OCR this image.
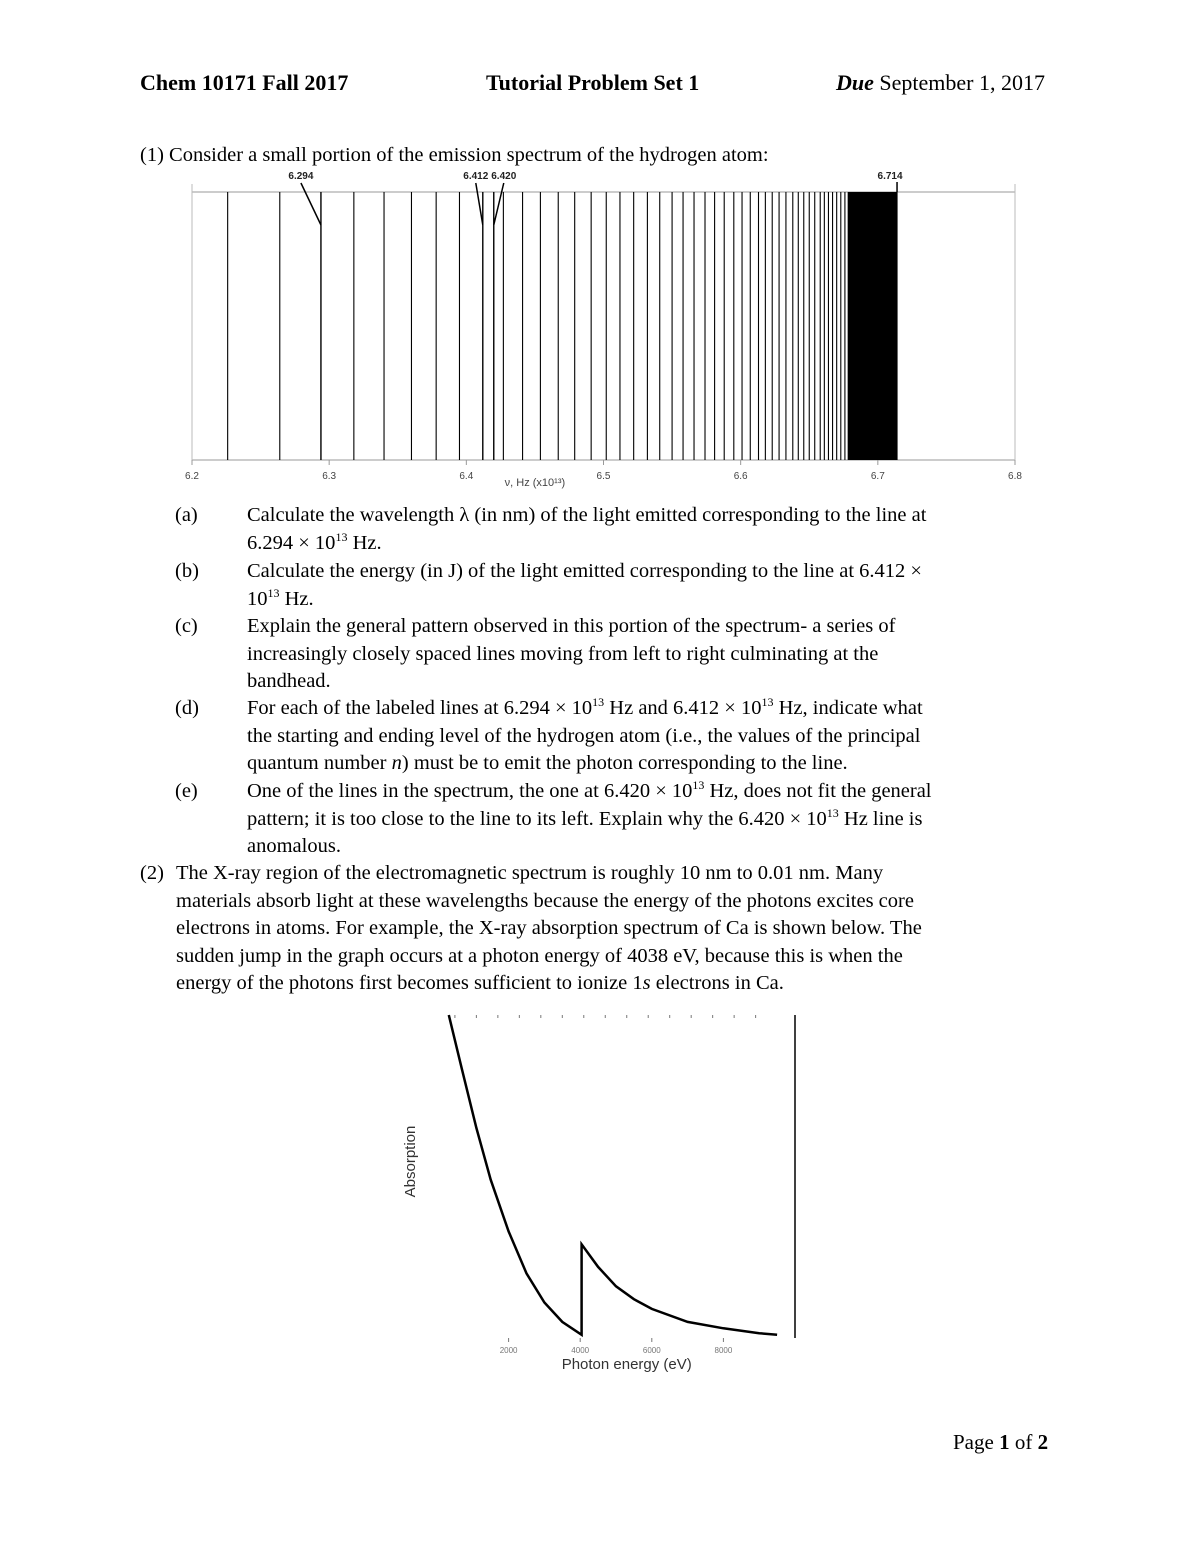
Chem 10171 Fall 2017	Tutorial Problem Set 1	Due September 1, 2017
(1) Consider a small portion of the emission spectrum of the hydrogen atom:
6.294	6.412 6.420	6.714
6.2	6.3	6.4	6.5	6.6	6.7	6.8
ν, Hz (x10¹³)
(a) Calculate the wavelength λ (in nm) of the light emitted corresponding to the line at
$6.294 \times 10^{13}$ Hz.
(b) Calculate the energy (in J) of the light emitted corresponding to the line at 6.412 ×
$10^{13}$ Hz.
(c) Explain the general pattern observed in this portion of the spectrum- a series of
increasingly closely spaced lines moving from left to right culminating at the
bandhead.
(d) For each of the labeled lines at $6.294 \times 10^{13}$ Hz and $6.412 \times 10^{13}$ Hz, indicate what
the starting and ending level of the hydrogen atom (i.e., the values of the principal
quantum number n) must be to emit the photon corresponding to the line.
(e) One of the lines in the spectrum, the one at $6.420 \times 10^{13}$ Hz, does not fit the general
pattern; it is too close to the line to its left. Explain why the $6.420 \times 10^{13}$ Hz line is
anomalous.
(2) The X-ray region of the electromagnetic spectrum is roughly 10 nm to 0.01 nm. Many
materials absorb light at these wavelengths because the energy of the photons excites core
electrons in atoms. For example, the X-ray absorption spectrum of Ca is shown below. The
sudden jump in the graph occurs at a photon energy of 4038 eV, because this is when the
energy of the photons first becomes sufficient to ionize 1s electrons in Ca.
2000	4000	6000	8000
Photon energy (eV)
Absorption
Page 1 of 2
